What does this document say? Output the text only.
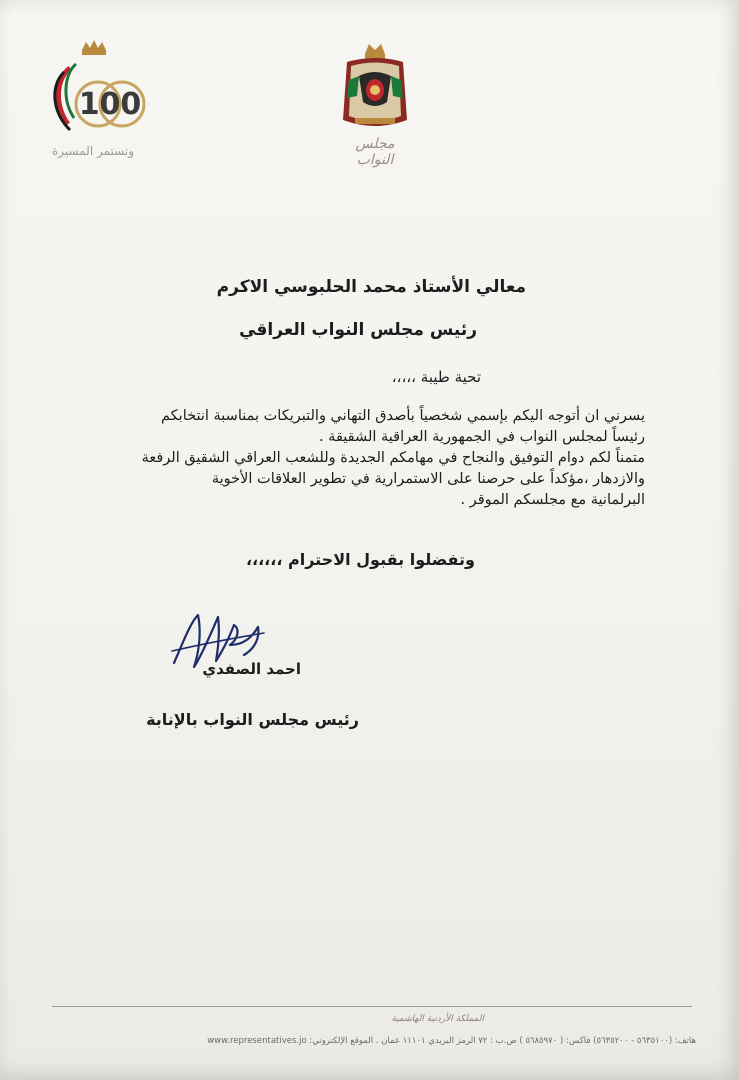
100
وتستمر المسيرة	مجلس النواب
معالي الأستاذ محمد الحلبوسي الاكرم
رئيس مجلس النواب العراقي
تحية طيبة ،،،،،

يسرني ان أتوجه اليكم بإسمي شخصياً بأصدق التهاني والتبريكات بمناسبة انتخابكم

رئيساً لمجلس النواب في الجمهورية العراقية الشقيقة .

متمناً لكم دوام التوفيق والنجاح في مهامكم الجديدة وللشعب العراقي الشقيق الرفعة

والازدهار ،مؤكداً على حرصنا على الاستمرارية في تطوير العلاقات الأخوية

البرلمانية مع مجلسكم الموقر .

وتفضلوا بقبول الاحترام ،،،،،،
احمد الصفدي
رئيس مجلس النواب بالإنابة
المملكة الأردنية الهاشمية
هاتف: (٥٦٣٥١٠٠ - ٥٦٣٥٢٠٠) فاكس: ( ٥٦٨٥٩٧٠ ) ص.ب : ٧٢ الرمز البريدي ١١١٠١ عمان . الموقع الإلكتروني: www.representatives.jo
